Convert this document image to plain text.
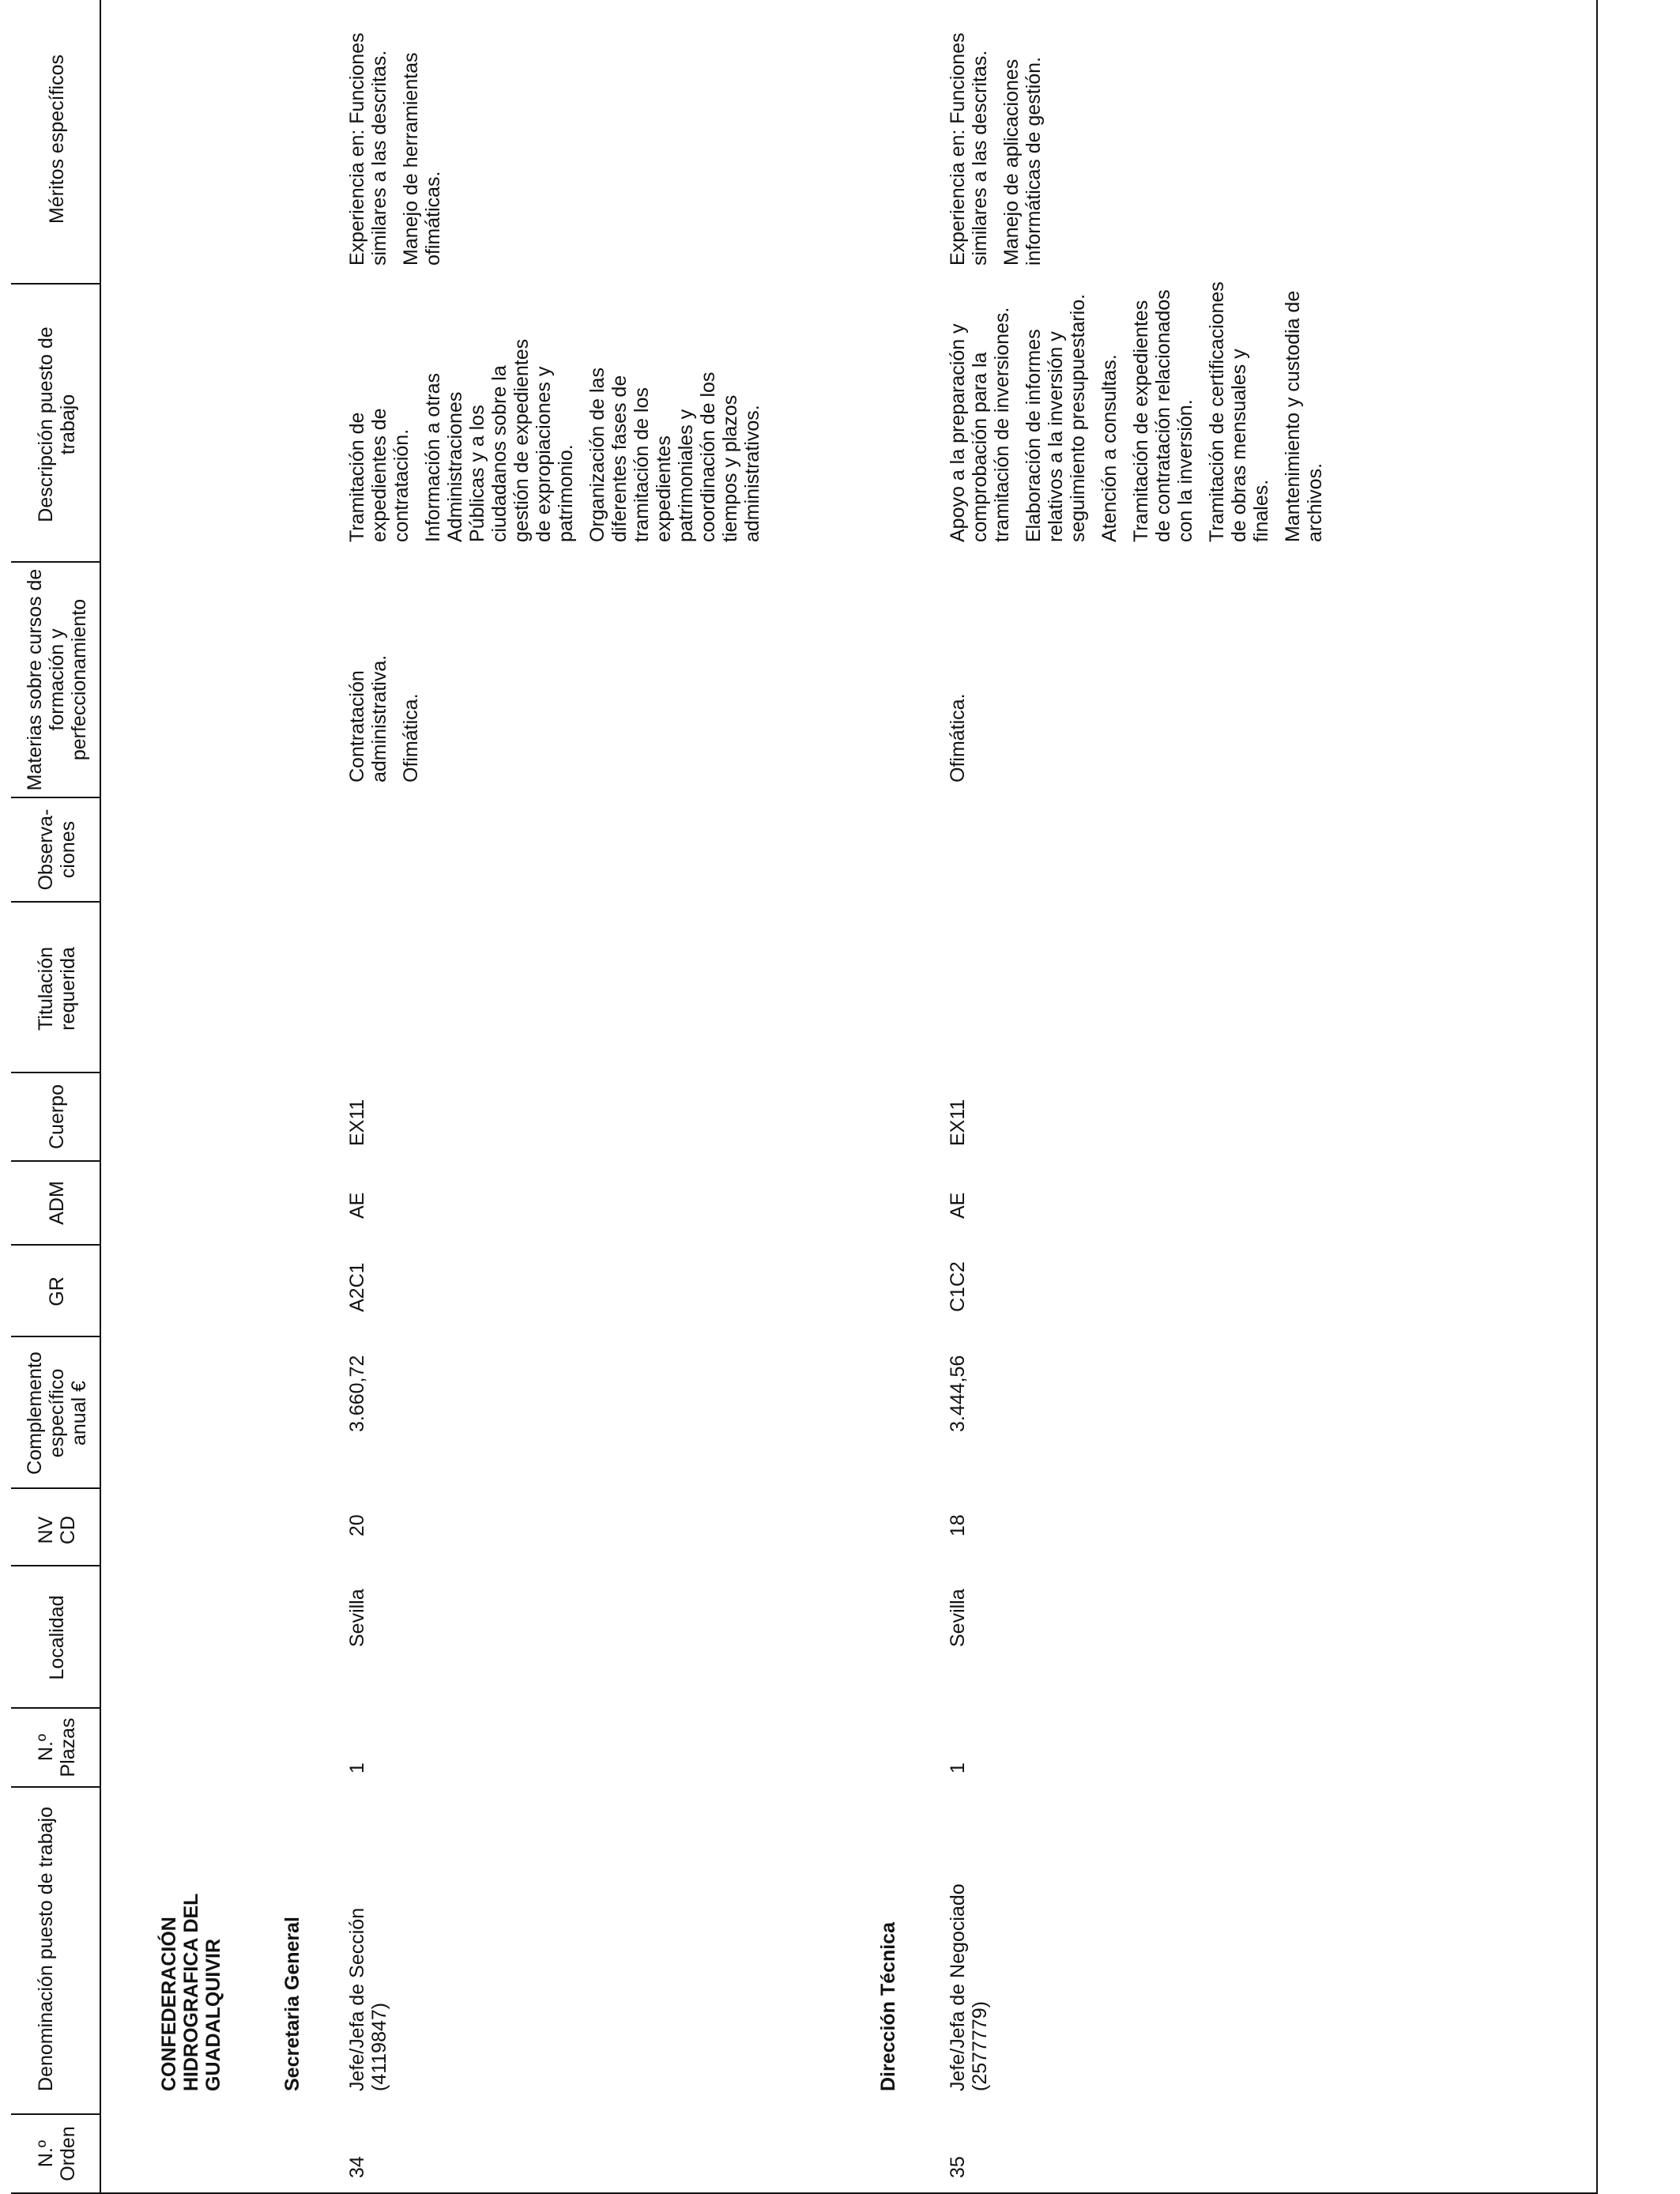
N.º Orden
Denominación puesto de trabajo
N.º Plazas
Localidad
NV CD
Complemento específico anual €
GR
ADM
Cuerpo
Titulación requerida
Observa-ciones
Materias sobre cursos de formación y perfeccionamiento
Descripción puesto de trabajo
Méritos específicos
CONFEDERACIÓN HIDROGRAFICA DEL GUADALQUIVIR	Secretaria General
34
Jefe/Jefa de Sección (4119847)
1
Sevilla
20
3.660,72
A2C1
AE
EX11

Contratación administrativa. Ofimática.

Tramitación de expedientes de contratación. Información a otras Administraciones Públicas y a los ciudadanos sobre la gestión de expedientes de expropiaciones y patrimonio. Organización de las diferentes fases de tramitación de los expedientes patrimoniales y coordinación de los tiempos y plazos administrativos.

Experiencia en: Funciones similares a las descritas. Manejo de herramientas ofimáticas.

Dirección Técnica
35
Jefe/Jefa de Negociado (2577779)
1
Sevilla
18
3.444,56
C1C2
AE
EX11

Ofimática.

Apoyo a la preparación y comprobación para la tramitación de inversiones. Elaboración de informes relativos a la inversión y seguimiento presupuestario. Atención a consultas. Tramitación de expedientes de contratación relacionados con la inversión. Tramitación de certificaciones de obras mensuales y finales. Mantenimiento y custodia de archivos.

Experiencia en: Funciones similares a las descritas. Manejo de aplicaciones informáticas de gestión.
